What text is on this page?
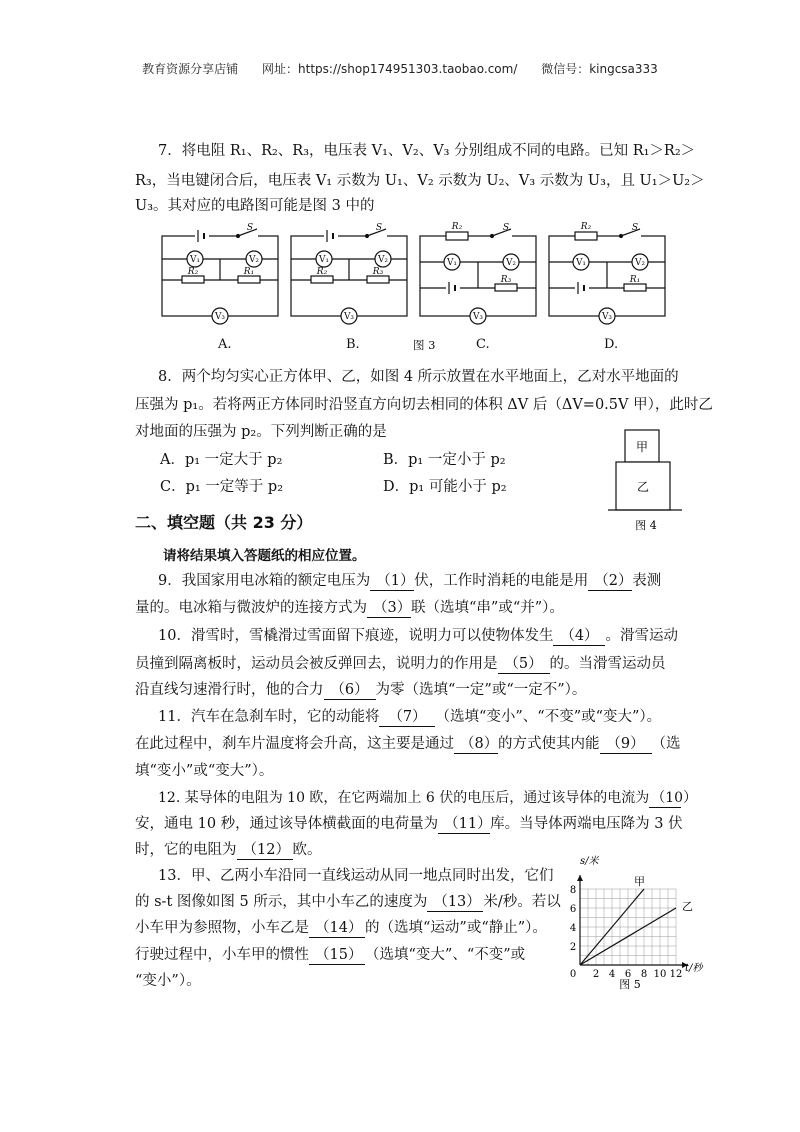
教育资源分享店铺 网址：https://shop174951303.taobao.com/ 微信号：kingcsa333
7．将电阻 R₁、R₂、R₃，电压表 V₁、V₂、V₃ 分别组成不同的电路。已知 R₁＞R₂＞
R₃，当电键闭合后，电压表 V₁ 示数为 U₁、V₂ 示数为 U₂、V₃ 示数为 U₃，且 U₁＞U₂＞
U₃。其对应的电路图可能是图 3 中的
S
V₁	V₂
R₂	R₁
V₃
S
V₁	V₂
R₂	R₃
V₃
R₂	S
V₁	V₂
R₃
V₃
R₂	S
V₁	V₂
R₁
V₃
A.	B.	图 3	C.	D.
8．两个均匀实心正方体甲、乙，如图 4 所示放置在水平地面上，乙对水平地面的
压强为 p₁。若将两正方体同时沿竖直方向切去相同的体积 ΔV 后（ΔV=0.5V 甲），此时乙
对地面的压强为 p₂。下列判断正确的是
A．p₁ 一定大于 p₂	B．p₁ 一定小于 p₂
C．p₁ 一定等于 p₂	D．p₁ 可能小于 p₂
甲
乙
图 4
二、填空题（共 23 分）
请将结果填入答题纸的相应位置。
9．我国家用电冰箱的额定电压为 （1）伏，工作时消耗的电能是用 （2）表测
量的。电冰箱与微波炉的连接方式为 （3）联（选填“串”或“并”）。
10．滑雪时，雪橇滑过雪面留下痕迹，说明力可以使物体发生 （4） 。滑雪运动
员撞到隔离板时，运动员会被反弹回去，说明力的作用是 （5） 的。当滑雪运动员
沿直线匀速滑行时，他的合力 （6） 为零（选填“一定”或“一定不”）。
11．汽车在急刹车时，它的动能将 （7） （选填“变小”、“不变”或“变大”）。
在此过程中，刹车片温度将会升高，这主要是通过 （8）的方式使其内能 （9） （选
填“变小”或“变大”）。
12. 某导体的电阻为 10 欧，在它两端加上 6 伏的电压后，通过该导体的电流为 （10）
安，通电 10 秒，通过该导体横截面的电荷量为 （11）库。当导体两端电压降为 3 伏
时，它的电阻为 （12） 欧。
13．甲、乙两小车沿同一直线运动从同一地点同时出发，它们
的 s-t 图像如图 5 所示，其中小车乙的速度为 （13） 米/秒。若以
小车甲为参照物，小车乙是 （14） 的（选填“运动”或“静止”）。
行驶过程中，小车甲的惯性 （15） （选填“变大”、“不变”或
“变小”）。	0 2 4 6 8 10 12
2
4
6
8
甲
乙
s/米
t/秒
图 5
